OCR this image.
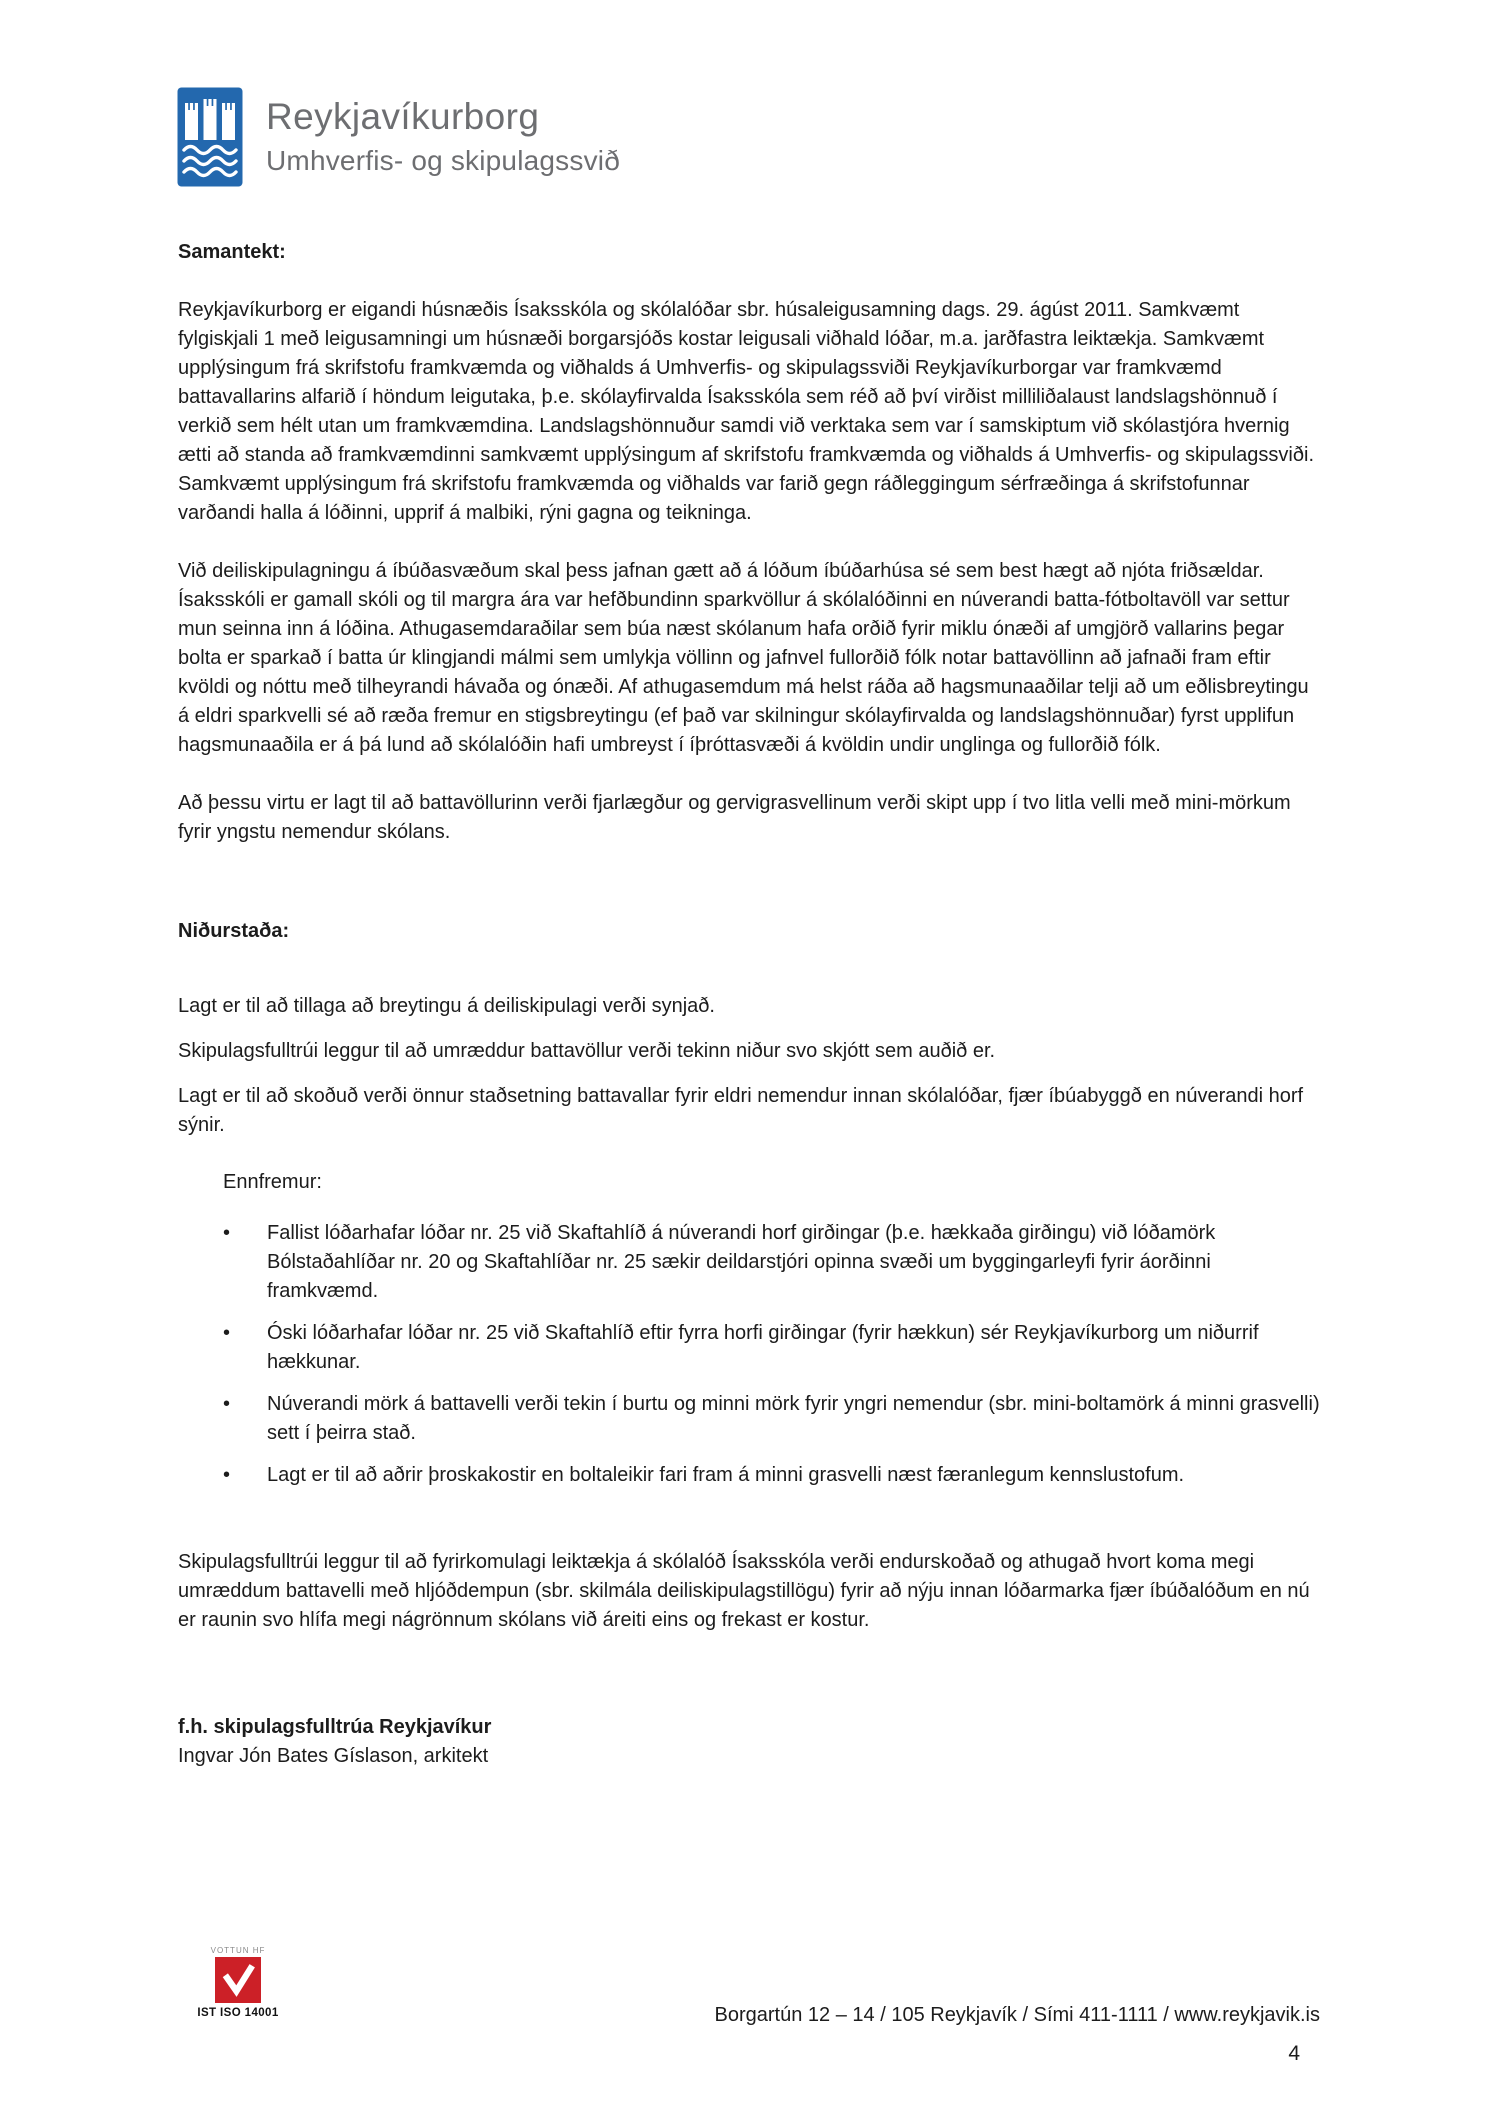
Reykjavíkurborg
Umhverfis- og skipulagssvið
Samantekt:

Reykjavíkurborg er eigandi húsnæðis Ísaksskóla og skólalóðar sbr. húsaleigusamning dags. 29. ágúst 2011. Samkvæmt fylgiskjali 1 með leigusamningi um húsnæði borgarsjóðs kostar leigusali viðhald lóðar, m.a. jarðfastra leiktækja. Samkvæmt upplýsingum frá skrifstofu framkvæmda og viðhalds á Umhverfis- og skipulagssviði Reykjavíkurborgar var framkvæmd battavallarins alfarið í höndum leigutaka, þ.e. skólayfirvalda Ísaksskóla sem réð að því virðist milliliðalaust landslagshönnuð í verkið sem hélt utan um framkvæmdina. Landslagshönnuður samdi við verktaka sem var í samskiptum við skólastjóra hvernig ætti að standa að framkvæmdinni samkvæmt upplýsingum af skrifstofu framkvæmda og viðhalds á Umhverfis- og skipulagssviði. Samkvæmt upplýsingum frá skrifstofu framkvæmda og viðhalds var farið gegn ráðleggingum sérfræðinga á skrifstofunnar varðandi halla á lóðinni, upprif á malbiki, rýni gagna og teikninga.

Við deiliskipulagningu á íbúðasvæðum skal þess jafnan gætt að á lóðum íbúðarhúsa sé sem best hægt að njóta friðsældar. Ísaksskóli er gamall skóli og til margra ára var hefðbundinn sparkvöllur á skólalóðinni en núverandi batta-fótboltavöll var settur mun seinna inn á lóðina. Athugasemdaraðilar sem búa næst skólanum hafa orðið fyrir miklu ónæði af umgjörð vallarins þegar bolta er sparkað í batta úr klingjandi málmi sem umlykja völlinn og jafnvel fullorðið fólk notar battavöllinn að jafnaði fram eftir kvöldi og nóttu með tilheyrandi hávaða og ónæði. Af athugasemdum má helst ráða að hagsmunaaðilar telji að um eðlisbreytingu á eldri sparkvelli sé að ræða fremur en stigsbreytingu (ef það var skilningur skólayfirvalda og landslagshönnuðar) fyrst upplifun hagsmunaaðila er á þá lund að skólalóðin hafi umbreyst í íþróttasvæði á kvöldin undir unglinga og fullorðið fólk.

Að þessu virtu er lagt til að battavöllurinn verði fjarlægður og gervigrasvellinum verði skipt upp í tvo litla velli með mini-mörkum fyrir yngstu nemendur skólans.

Niðurstaða:

Lagt er til að tillaga að breytingu á deiliskipulagi verði synjað.

Skipulagsfulltrúi leggur til að umræddur battavöllur verði tekinn niður svo skjótt sem auðið er.

Lagt er til að skoðuð verði önnur staðsetning battavallar fyrir eldri nemendur innan skólalóðar, fjær íbúabyggð en núverandi horf sýnir.

Ennfremur:

• Fallist lóðarhafar lóðar nr. 25 við Skaftahlíð á núverandi horf girðingar (þ.e. hækkaða girðingu) við lóðamörk Bólstaðahlíðar nr. 20 og Skaftahlíðar nr. 25 sækir deildarstjóri opinna svæði um byggingarleyfi fyrir áorðinni framkvæmd.
• Óski lóðarhafar lóðar nr. 25 við Skaftahlíð eftir fyrra horfi girðingar (fyrir hækkun) sér Reykjavíkurborg um niðurrif hækkunar.
• Núverandi mörk á battavelli verði tekin í burtu og minni mörk fyrir yngri nemendur (sbr. mini-boltamörk á minni grasvelli) sett í þeirra stað.
• Lagt er til að aðrir þroskakostir en boltaleikir fari fram á minni grasvelli næst færanlegum kennslustofum.

Skipulagsfulltrúi leggur til að fyrirkomulagi leiktækja á skólalóð Ísaksskóla verði endurskoðað og athugað hvort koma megi umræddum battavelli með hljóðdempun (sbr. skilmála deiliskipulagstillögu) fyrir að nýju innan lóðarmarka fjær íbúðalóðum en nú er raunin svo hlífa megi nágrönnum skólans við áreiti eins og frekast er kostur.

f.h. skipulagsfulltrúa Reykjavíkur
Ingvar Jón Bates Gíslason, arkitekt
VOTTUN HF
IST ISO 14001	Borgartún 12 – 14 / 105 Reykjavík / Sími 411-1111 / www.reykjavik.is
4
